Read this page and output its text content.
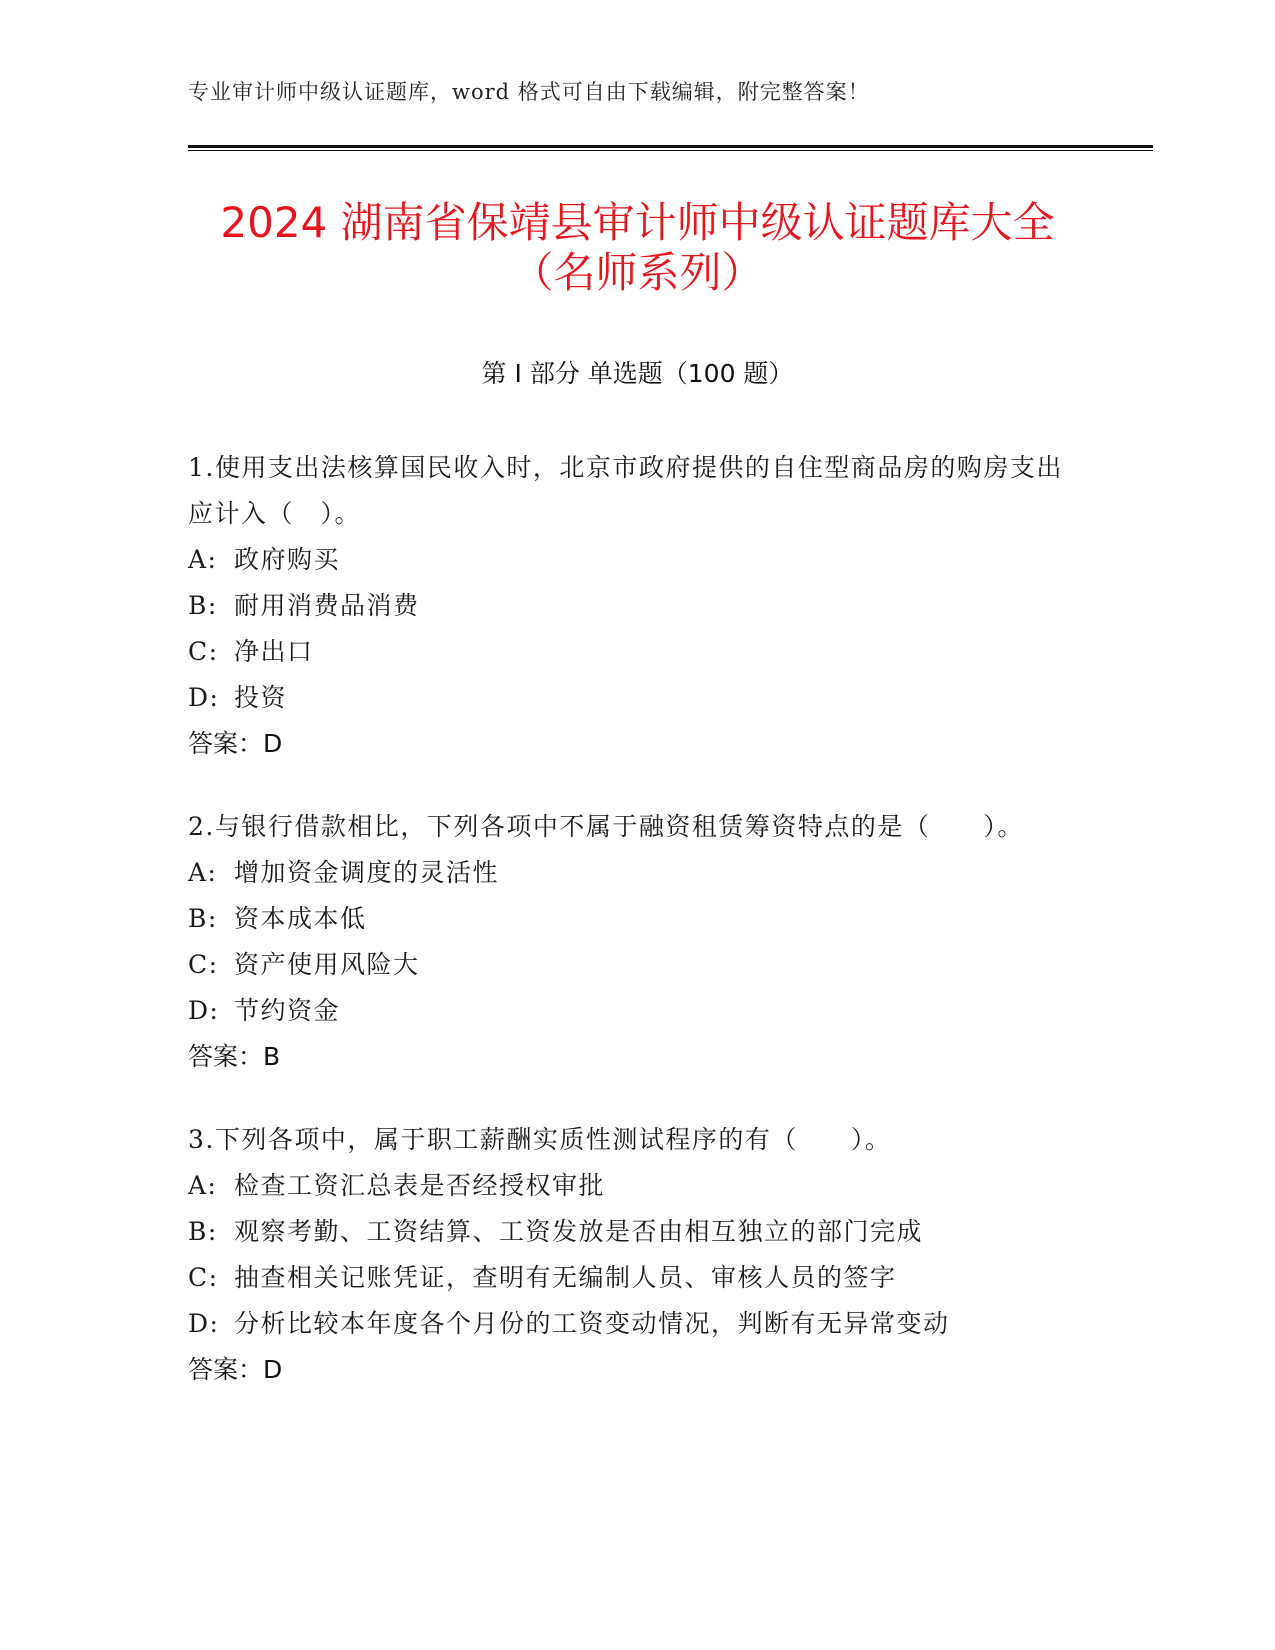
专业审计师中级认证题库，word 格式可自由下载编辑，附完整答案！
2024 湖南省保靖县审计师中级认证题库大全
（名师系列）
第 I 部分 单选题（100 题）
1.使用支出法核算国民收入时，北京市政府提供的自住型商品房的购房支出应计入（　）。
A: 政府购买
B: 耐用消费品消费
C: 净出口
D: 投资
答案：D
2.与银行借款相比，下列各项中不属于融资租赁筹资特点的是（　　）。
A: 增加资金调度的灵活性
B: 资本成本低
C: 资产使用风险大
D: 节约资金
答案：B
3.下列各项中，属于职工薪酬实质性测试程序的有（　　）。
A: 检查工资汇总表是否经授权审批
B: 观察考勤、工资结算、工资发放是否由相互独立的部门完成
C: 抽查相关记账凭证，查明有无编制人员、审核人员的签字
D: 分析比较本年度各个月份的工资变动情况，判断有无异常变动
答案：D
